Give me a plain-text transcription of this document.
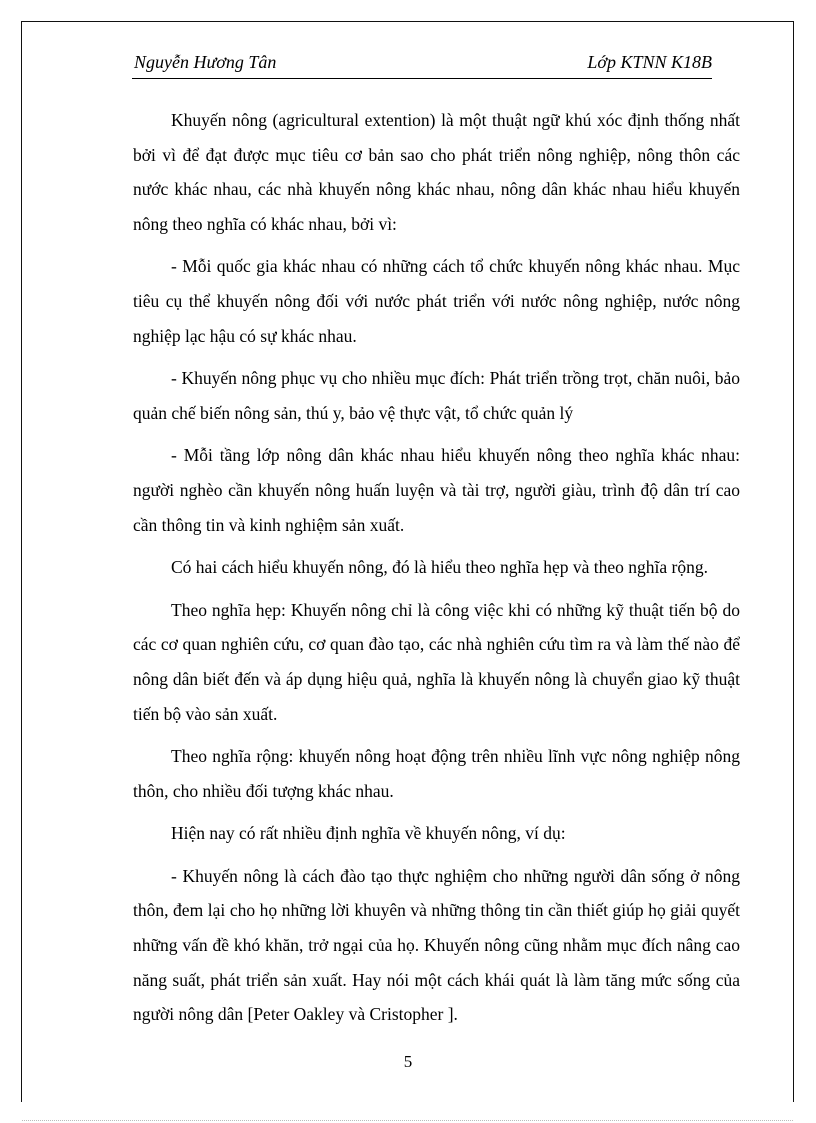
Nguyễn Hương Tân	Lớp KTNN K18B

Khuyến nông (agricultural extention) là một thuật ngữ khú xóc định thống nhất bởi vì để đạt được mục tiêu cơ bản sao cho phát triển nông nghiệp, nông thôn các nước khác nhau, các nhà khuyến nông khác nhau, nông dân khác nhau hiểu khuyến nông theo nghĩa có khác nhau, bởi vì:

- Mỗi quốc gia khác nhau có những cách tổ chức khuyến nông khác nhau. Mục tiêu cụ thể khuyến nông đối với nước phát triển với nước nông nghiệp, nước nông nghiệp lạc hậu có sự khác nhau.

- Khuyến nông phục vụ cho nhiều mục đích: Phát triển trồng trọt, chăn nuôi, bảo quản chế biến nông sản, thú y, bảo vệ thực vật, tổ chức quản lý

- Mỗi tầng lớp nông dân khác nhau hiểu khuyến nông theo nghĩa khác nhau: người nghèo cần khuyến nông huấn luyện và tài trợ, người giàu, trình độ dân trí cao cần thông tin và kinh nghiệm sản xuất.

Có hai cách hiểu khuyến nông, đó là hiểu theo nghĩa hẹp và theo nghĩa rộng.

Theo nghĩa hẹp: Khuyến nông chỉ là công việc khi có những kỹ thuật tiến bộ do các cơ quan nghiên cứu, cơ quan đào tạo, các nhà nghiên cứu tìm ra và làm thế nào để nông dân biết đến và áp dụng hiệu quả, nghĩa là khuyến nông là chuyển giao kỹ thuật tiến bộ vào sản xuất.

Theo nghĩa rộng: khuyến nông hoạt động trên nhiều lĩnh vực nông nghiệp nông thôn, cho nhiều đối tượng khác nhau.

Hiện nay có rất nhiều định nghĩa về khuyến nông, ví dụ:

- Khuyến nông là cách đào tạo thực nghiệm cho những người dân sống ở nông thôn, đem lại cho họ những lời khuyên và những thông tin cần thiết giúp họ giải quyết những vấn đề khó khăn, trở ngại của họ. Khuyến nông cũng nhằm mục đích nâng cao năng suất, phát triển sản xuất. Hay nói một cách khái quát là làm tăng mức sống của người nông dân [Peter Oakley và Cristopher ].

5
